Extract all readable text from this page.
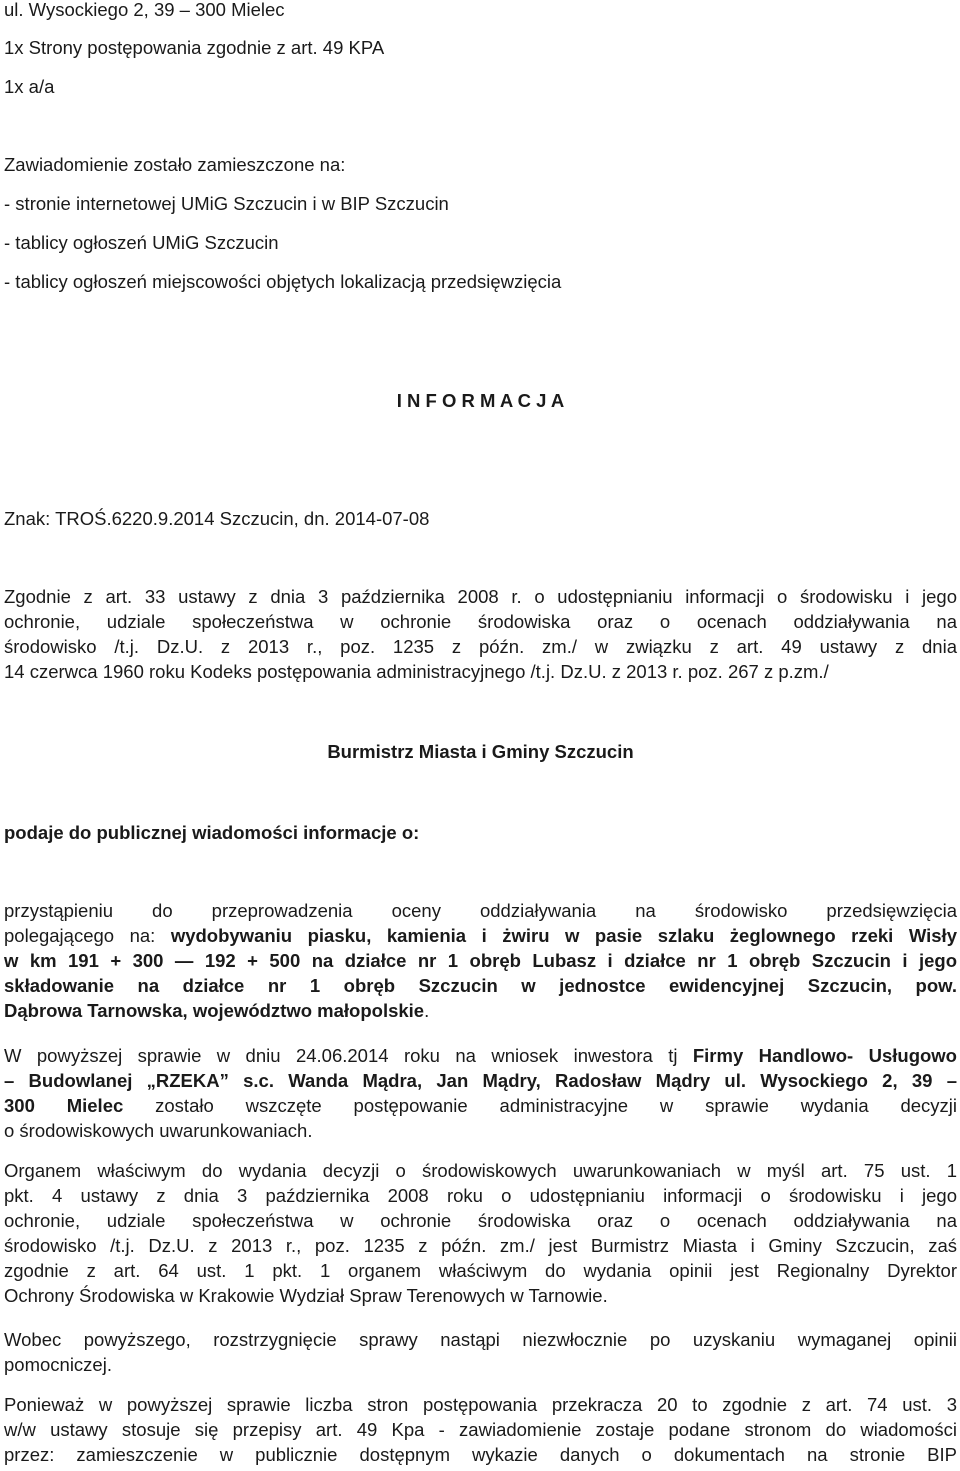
ul. Wysockiego 2, 39 – 300 Mielec

1x Strony postępowania zgodnie z art. 49 KPA

1x a/a

Zawiadomienie zostało zamieszczone na:

- stronie internetowej UMiG Szczucin i w BIP Szczucin

- tablicy ogłoszeń UMiG Szczucin

- tablicy ogłoszeń miejscowości objętych lokalizacją przedsięwzięcia

I N F O R M A C J A

Znak: TROŚ.6220.9.2014 Szczucin, dn. 2014-07-08

Zgodnie z art. 33 ustawy z dnia 3 października 2008 r. o udostępnianiu informacji o środowisku i jego

ochronie, udziale społeczeństwa w ochronie środowiska oraz o ocenach oddziaływania na

środowisko /t.j. Dz.U. z 2013 r., poz. 1235 z późn. zm./ w związku z art. 49 ustawy z dnia

14 czerwca 1960 roku Kodeks postępowania administracyjnego /t.j. Dz.U. z 2013 r. poz. 267 z p.zm./

Burmistrz Miasta i Gminy Szczucin

podaje do publicznej wiadomości informacje o:

przystąpieniu do przeprowadzenia oceny oddziaływania na środowisko przedsięwzięcia

polegającego na: wydobywaniu piasku, kamienia i żwiru w pasie szlaku żeglownego rzeki Wisły

w km 191 + 300 — 192 + 500 na działce nr 1 obręb Lubasz i działce nr 1 obręb Szczucin i jego

składowanie na działce nr 1 obręb Szczucin w jednostce ewidencyjnej Szczucin, pow.

Dąbrowa Tarnowska, województwo małopolskie.

W powyższej sprawie w dniu 24.06.2014 roku na wniosek inwestora tj Firmy Handlowo- Usługowo

– Budowlanej „RZEKA” s.c. Wanda Mądra, Jan Mądry, Radosław Mądry ul. Wysockiego 2, 39 –

300 Mielec zostało wszczęte postępowanie administracyjne w sprawie wydania decyzji

o środowiskowych uwarunkowaniach.

Organem właściwym do wydania decyzji o środowiskowych uwarunkowaniach w myśl art. 75 ust. 1

pkt. 4 ustawy z dnia 3 października 2008 roku o udostępnianiu informacji o środowisku i jego

ochronie, udziale społeczeństwa w ochronie środowiska oraz o ocenach oddziaływania na

środowisko /t.j. Dz.U. z 2013 r., poz. 1235 z późn. zm./ jest Burmistrz Miasta i Gminy Szczucin, zaś

zgodnie z art. 64 ust. 1 pkt. 1 organem właściwym do wydania opinii jest Regionalny Dyrektor

Ochrony Środowiska w Krakowie Wydział Spraw Terenowych w Tarnowie.

Wobec powyższego, rozstrzygnięcie sprawy nastąpi niezwłocznie po uzyskaniu wymaganej opinii

pomocniczej.

Ponieważ w powyższej sprawie liczba stron postępowania przekracza 20 to zgodnie z art. 74 ust. 3

w/w ustawy stosuje się przepisy art. 49 Kpa - zawiadomienie zostaje podane stronom do wiadomości

przez: zamieszczenie w publicznie dostępnym wykazie danych o dokumentach na stronie BIP
